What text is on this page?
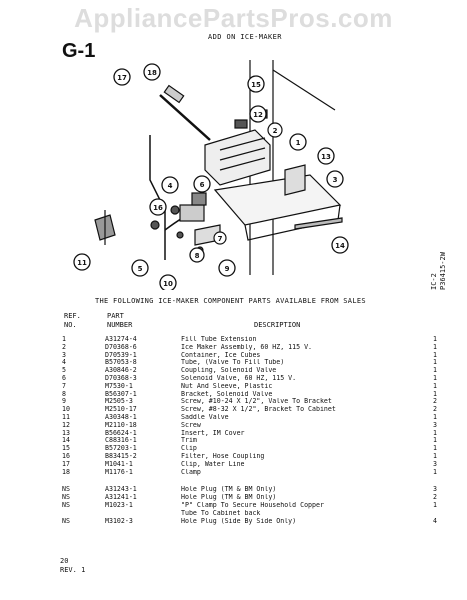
AppliancePartsPros.com
G-1
ADD ON ICE-MAKER
IC-2
P36415-2W
4
17
18
15
12
1
13
3
14
6
16
9
5
10
11
8
2
7
THE FOLLOWING ICE-MAKER COMPONENT PARTS AVAILABLE FROM SALES
REF.
NO.
PART
NUMBER	DESCRIPTION
1	A31274-4	Fill Tube Extension	1
2	D70368-6	Ice Maker Assembly, 60 HZ, 115 V.	1
3	D70539-1	Container, Ice Cubes	1
4	B57053-8	Tube, (Valve To Fill Tube)	1
5	A30846-2	Coupling, Solenoid Valve	1
6	D70368-3	Solenoid Valve, 60 HZ, 115 V.	1
7	M7530-1	Nut And Sleeve, Plastic	1
8	B56307-1	Bracket, Solenoid Valve	1
9	M2505-3	Screw, #10-24 X 1/2", Valve To Bracket	2
10	M2510-17	Screw, #8-32 X 1/2", Bracket To Cabinet	2
11	A30348-1	Saddle Valve	1
12	M2110-18	Screw	3
13	B56624-1	Insert, IM Cover	1
14	C88316-1	Trim	1
15	B57203-1	Clip	1
16	B83415-2	Filter, Hose Coupling	1
17	M1041-1	Clip, Water Line	3
18	M1176-1	Clamp	1
NS	A31243-1	Hole Plug (TM & BM Only)	3
NS	A31241-1	Hole Plug (TM & BM Only)	2
NS	M1023-1	"P" Clamp To Secure Household Copper	1
Tube To Cabinet back
NS	M3102-3	Hole Plug (Side By Side Only)	4
20
REV. 1
